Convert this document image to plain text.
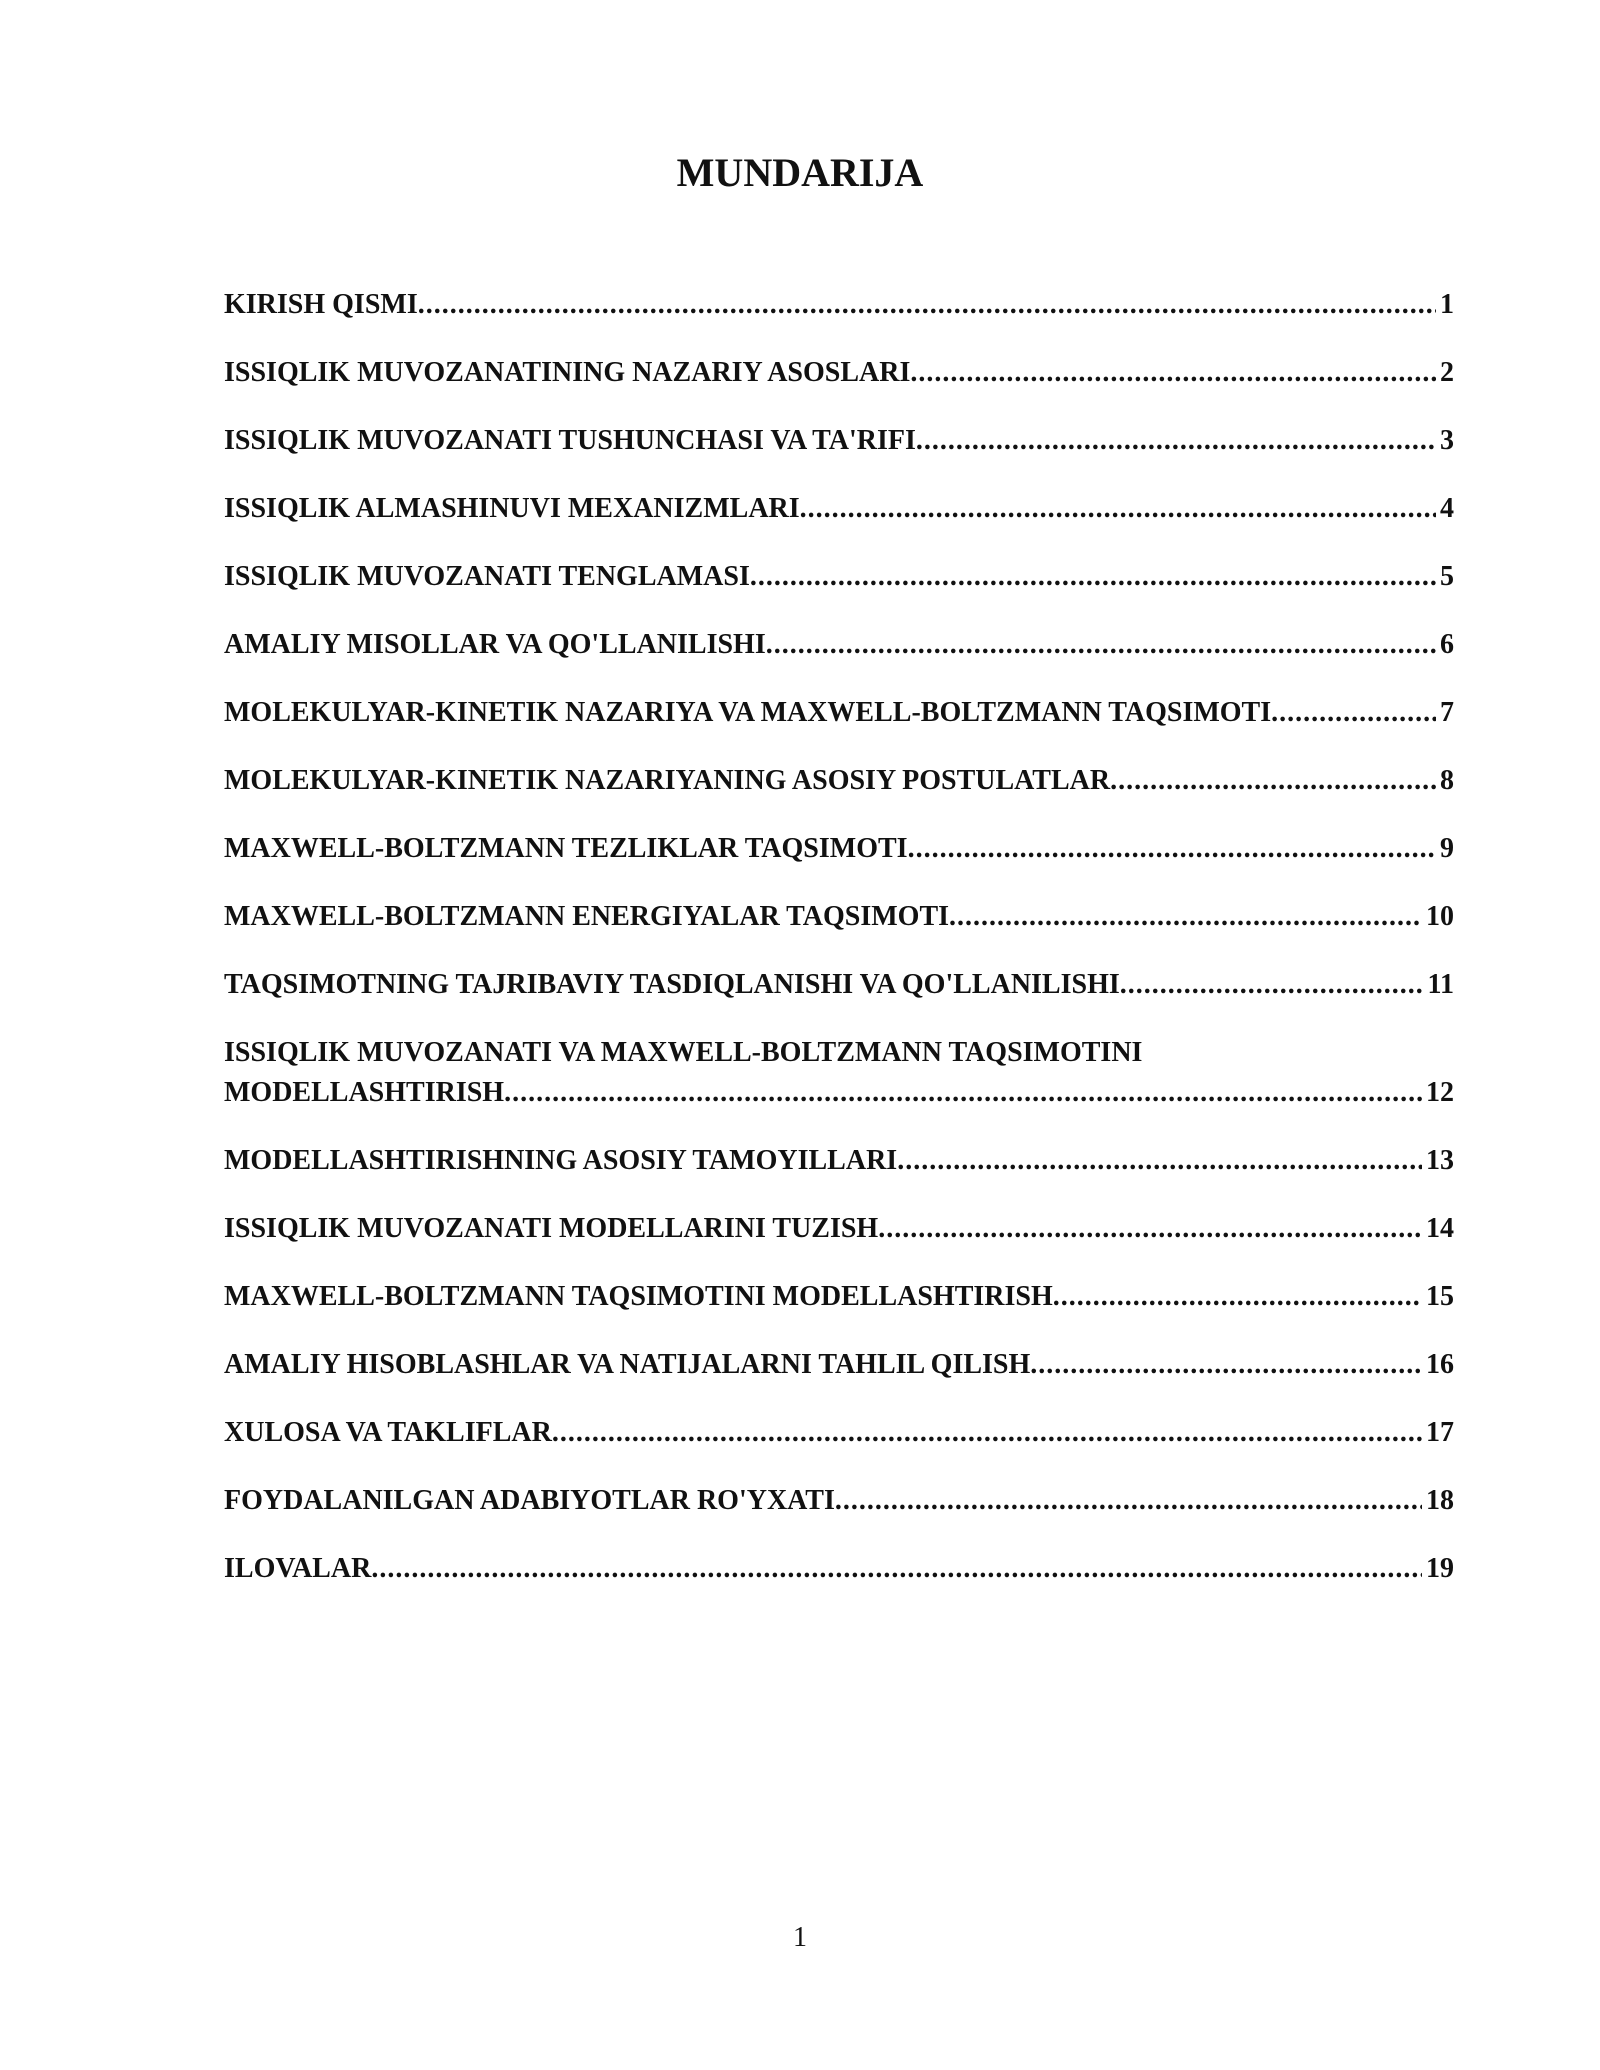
MUNDARIJA
KIRISH QISMI .....	1
ISSIQLIK MUVOZANATINING NAZARIY ASOSLARI .....	2
ISSIQLIK MUVOZANATI TUSHUNCHASI VA TA'RIFI .....	3
ISSIQLIK ALMASHINUVI MEXANIZMLARI .....	4
ISSIQLIK MUVOZANATI TENGLAMASI .....	5
AMALIY MISOLLAR VA QO'LLANILISHI .....	6
MOLEKULYAR-KINETIK NAZARIYA VA MAXWELL-BOLTZMANN TAQSIMOTI .....	7
MOLEKULYAR-KINETIK NAZARIYANING ASOSIY POSTULATLAR .....	8
MAXWELL-BOLTZMANN TEZLIKLAR TAQSIMOTI .....	9
MAXWELL-BOLTZMANN ENERGIYALAR TAQSIMOTI .....	10
TAQSIMOTNING TAJRIBAVIY TASDIQLANISHI VA QO'LLANILISHI .....	11
ISSIQLIK MUVOZANATI VA MAXWELL-BOLTZMANN TAQSIMOTINI
MODELLASHTIRISH .....	12
MODELLASHTIRISHNING ASOSIY TAMOYILLARI .....	13
ISSIQLIK MUVOZANATI MODELLARINI TUZISH .....	14
MAXWELL-BOLTZMANN TAQSIMOTINI MODELLASHTIRISH .....	15
AMALIY HISOBLASHLAR VA NATIJALARNI TAHLIL QILISH .....	16
XULOSA VA TAKLIFLAR .....	17
FOYDALANILGAN ADABIYOTLAR RO'YXATI .....	18
ILOVALAR .....	19
1
